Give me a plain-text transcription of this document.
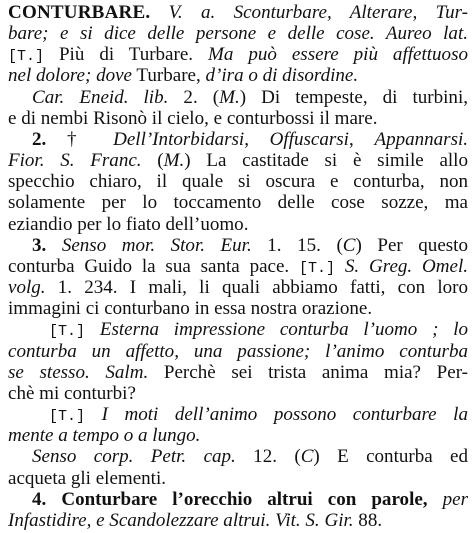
CONTURBARE. V. a. Sconturbare, Alterare, Tur-
bare; e si dice delle persone e delle cose. Aureo lat.
[T.] Più di Turbare. Ma può essere più affettuoso
nel dolore; dove Turbare, d’ira o di disordine.
Car. Eneid. lib. 2. (M.) Di tempeste, di turbini,
e di nembi Risonò il cielo, e conturbossi il mare.
2. † Dell’Intorbidarsi, Offuscarsi, Appannarsi.
Fior. S. Franc. (M.) La castitade si è simile allo
specchio chiaro, il quale si oscura e conturba, non
solamente per lo toccamento delle cose sozze, ma
eziandio per lo fiato dell’uomo.
3. Senso mor. Stor. Eur. 1. 15. (C) Per questo
conturba Guido la sua santa pace. [T.] S. Greg. Omel.
volg. 1. 234. I mali, li quali abbiamo fatti, con loro
immagini ci conturbano in essa nostra orazione.
[T.] Esterna impressione conturba l’uomo ; lo
conturba un affetto, una passione; l’animo conturba
se stesso. Salm. Perchè sei trista anima mia? Per-
chè mi conturbi?
[T.] I moti dell’animo possono conturbare la
mente a tempo o a lungo.
Senso corp. Petr. cap. 12. (C) E conturba ed
acqueta gli elementi.
4. Conturbare l’orecchio altrui con parole, per
Infastidire, e Scandolezzare altrui. Vit. S. Gir. 88.
